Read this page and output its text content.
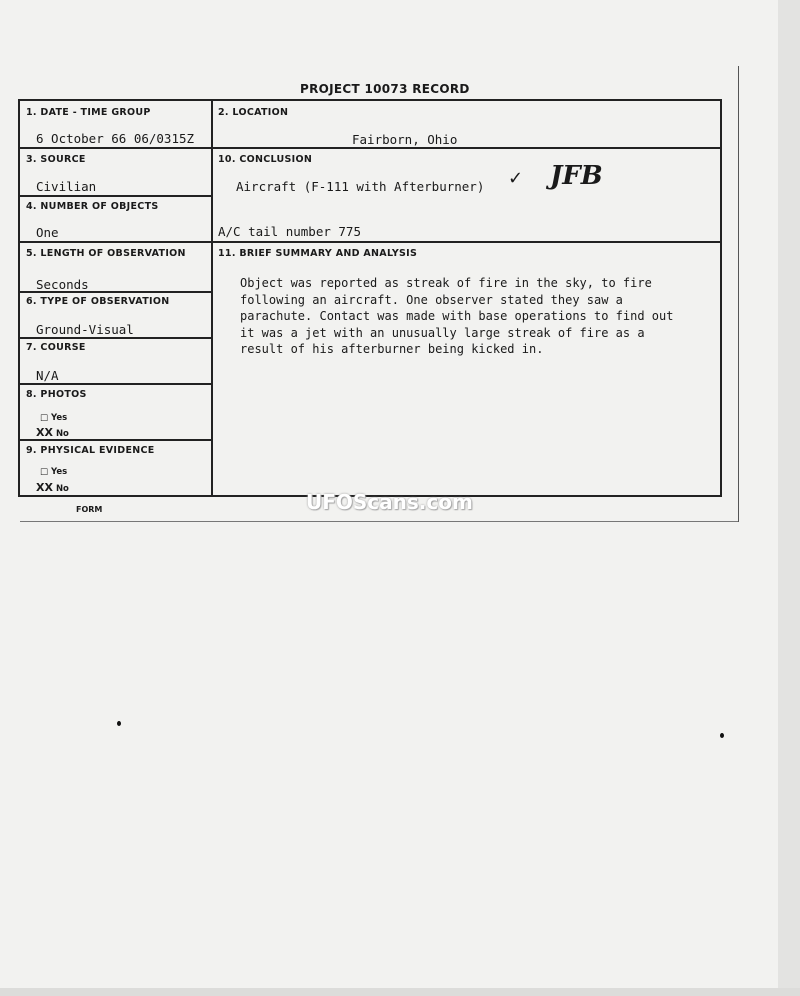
PROJECT 10073 RECORD
1. DATE - TIME GROUP
6 October 66 06/0315Z
2. LOCATION
Fairborn, Ohio
3. SOURCE
Civilian
4. NUMBER OF OBJECTS
One
5. LENGTH OF OBSERVATION
Seconds
6. TYPE OF OBSERVATION
Ground-Visual
7. COURSE
N/A
8. PHOTOS
□ Yes
XX No
9. PHYSICAL EVIDENCE
□ Yes
XX No
10. CONCLUSION
Aircraft (F-111 with Afterburner) ✓ JFB
A/C tail number 775
11. BRIEF SUMMARY AND ANALYSIS
Object was reported as streak of fire in the sky, to fire
following an aircraft. One observer stated they saw a
parachute. Contact was made with base operations to find out
it was a jet with an unusually large streak of fire as a
result of his afterburner being kicked in.
FORM	UFOScans.com
